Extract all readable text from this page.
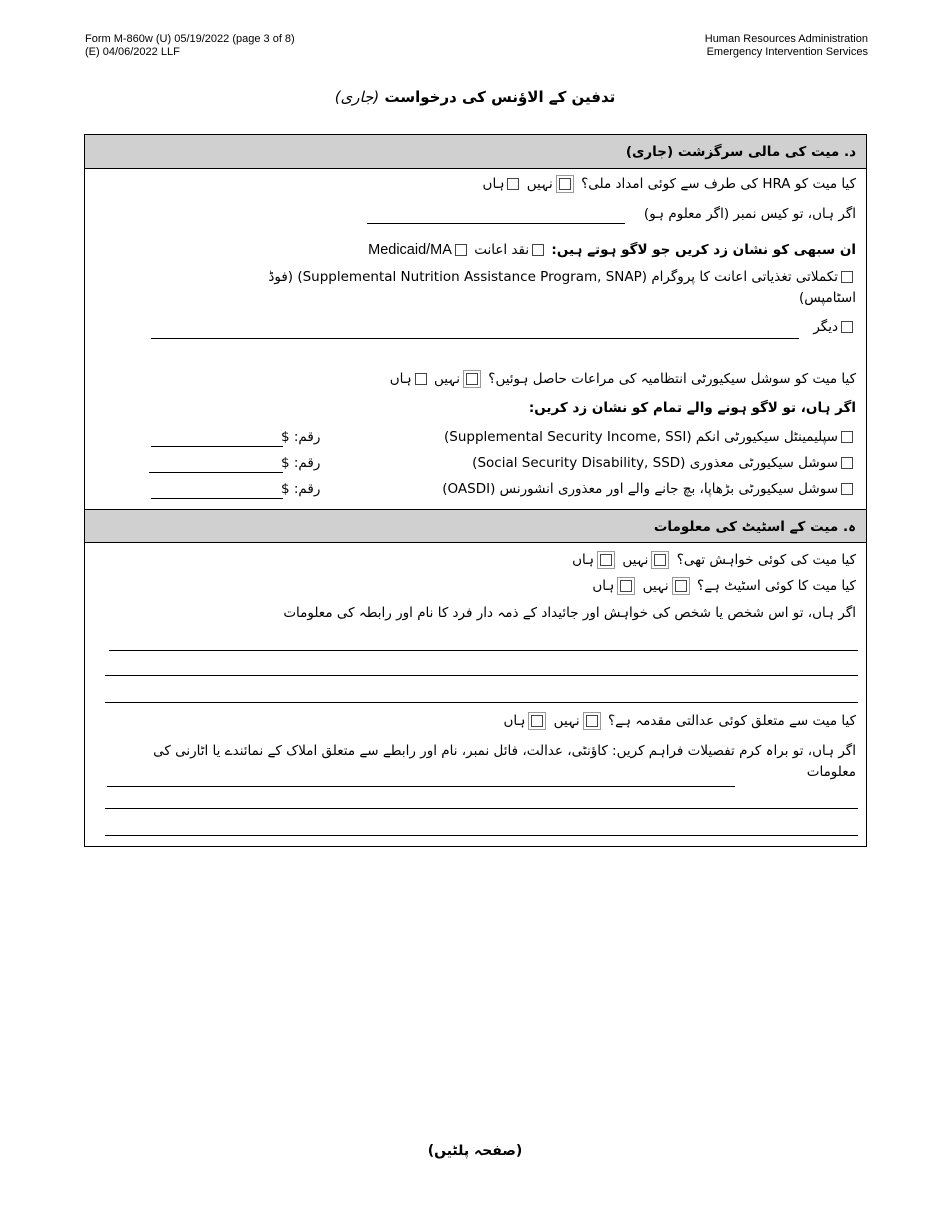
Form M-860w (U) 05/19/2022 (page 3 of 8)
(E) 04/06/2022 LLF
Human Resources Administration
Emergency Intervention Services
تدفین کے الاؤنس کی درخواست (جاری)
د. میت کی مالی سرگزشت (جاری)
کیا میت کو HRA کی طرف سے کوئی امداد ملی؟ نہیں ہاں
اگر ہاں، تو کیس نمبر (اگر معلوم ہو)
ان سبھی کو نشان زد کریں جو لاگو ہوتے ہیں: نقد اعانت Medicaid/MA
تکملاتی تغذیاتی اعانت کا پروگرام (Supplemental Nutrition Assistance Program, SNAP) (فوڈ
اسٹامپس)
دیگر
کیا میت کو سوشل سیکیورٹی انتظامیہ کی مراعات حاصل ہوئیں؟ نہیں ہاں
اگر ہاں، تو لاگو ہونے والے تمام کو نشان زد کریں:
سپلیمینٹل سیکیورٹی انکم (Supplemental Security Income, SSI)
رقم: $
سوشل سیکیورٹی معذوری (Social Security Disability, SSD)
رقم: $
سوشل سیکیورٹی بڑھاپا، بچ جانے والے اور معذوری انشورنس (OASDI)
رقم: $
ہ. میت کے اسٹیٹ کی معلومات
کیا میت کی کوئی خواہش تھی؟ نہیں ہاں
کیا میت کا کوئی اسٹیٹ ہے؟ نہیں ہاں
اگر ہاں، تو اس شخص یا شخص کی خواہش اور جائیداد کے ذمہ دار فرد کا نام اور رابطہ کی معلومات
کیا میت سے متعلق کوئی عدالتی مقدمہ ہے؟ نہیں ہاں
اگر ہاں، تو براہ کرم تفصیلات فراہم کریں: کاؤنٹی، عدالت، فائل نمبر، نام اور رابطے سے متعلق املاک کے نمائندے یا اٹارنی کی معلومات
(صفحہ پلٹیں)
